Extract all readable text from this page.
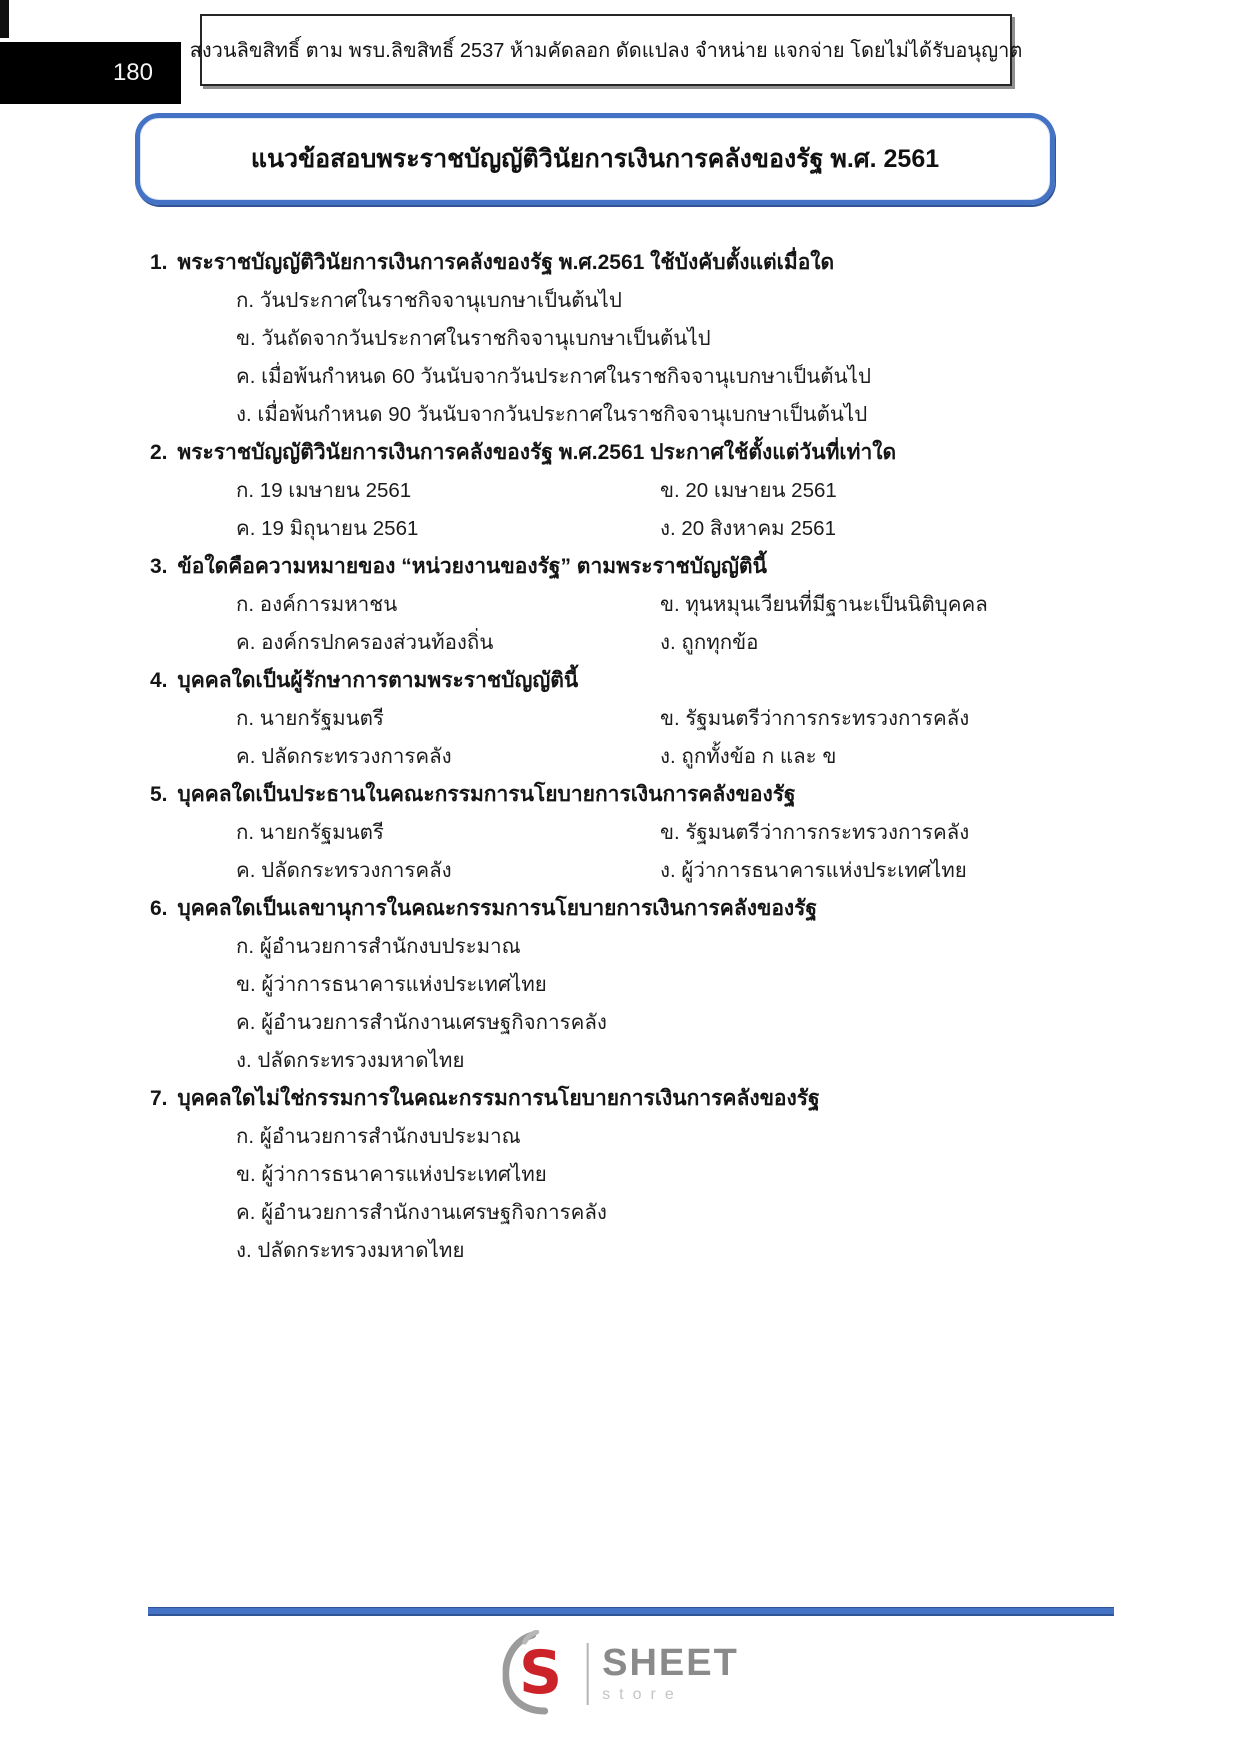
180
สงวนลิขสิทธิ์ ตาม พรบ.ลิขสิทธิ์ 2537 ห้ามคัดลอก ดัดแปลง จำหน่าย แจกจ่าย โดยไม่ได้รับอนุญาต
แนวข้อสอบพระราชบัญญัติวินัยการเงินการคลังของรัฐ พ.ศ. 2561
1. พระราชบัญญัติวินัยการเงินการคลังของรัฐ พ.ศ.2561 ใช้บังคับตั้งแต่เมื่อใด
ก. วันประกาศในราชกิจจานุเบกษาเป็นต้นไป
ข. วันถัดจากวันประกาศในราชกิจจานุเบกษาเป็นต้นไป
ค. เมื่อพ้นกำหนด 60 วันนับจากวันประกาศในราชกิจจานุเบกษาเป็นต้นไป
ง. เมื่อพ้นกำหนด 90 วันนับจากวันประกาศในราชกิจจานุเบกษาเป็นต้นไป
2. พระราชบัญญัติวินัยการเงินการคลังของรัฐ พ.ศ.2561 ประกาศใช้ตั้งแต่วันที่เท่าใด
ก. 19 เมษายน 2561	ข. 20 เมษายน 2561
ค. 19 มิถุนายน 2561	ง. 20 สิงหาคม 2561
3. ข้อใดคือความหมายของ “หน่วยงานของรัฐ” ตามพระราชบัญญัตินี้
ก. องค์การมหาชน	ข. ทุนหมุนเวียนที่มีฐานะเป็นนิติบุคคล
ค. องค์กรปกครองส่วนท้องถิ่น	ง. ถูกทุกข้อ
4. บุคคลใดเป็นผู้รักษาการตามพระราชบัญญัตินี้
ก. นายกรัฐมนตรี	ข. รัฐมนตรีว่าการกระทรวงการคลัง
ค. ปลัดกระทรวงการคลัง	ง. ถูกทั้งข้อ ก และ ข
5. บุคคลใดเป็นประธานในคณะกรรมการนโยบายการเงินการคลังของรัฐ
ก. นายกรัฐมนตรี	ข. รัฐมนตรีว่าการกระทรวงการคลัง
ค. ปลัดกระทรวงการคลัง	ง. ผู้ว่าการธนาคารแห่งประเทศไทย
6. บุคคลใดเป็นเลขานุการในคณะกรรมการนโยบายการเงินการคลังของรัฐ
ก. ผู้อำนวยการสำนักงบประมาณ
ข. ผู้ว่าการธนาคารแห่งประเทศไทย
ค. ผู้อำนวยการสำนักงานเศรษฐกิจการคลัง
ง. ปลัดกระทรวงมหาดไทย
7. บุคคลใดไม่ใช่กรรมการในคณะกรรมการนโยบายการเงินการคลังของรัฐ
ก. ผู้อำนวยการสำนักงบประมาณ
ข. ผู้ว่าการธนาคารแห่งประเทศไทย
ค. ผู้อำนวยการสำนักงานเศรษฐกิจการคลัง
ง. ปลัดกระทรวงมหาดไทย
S SHEET
store
